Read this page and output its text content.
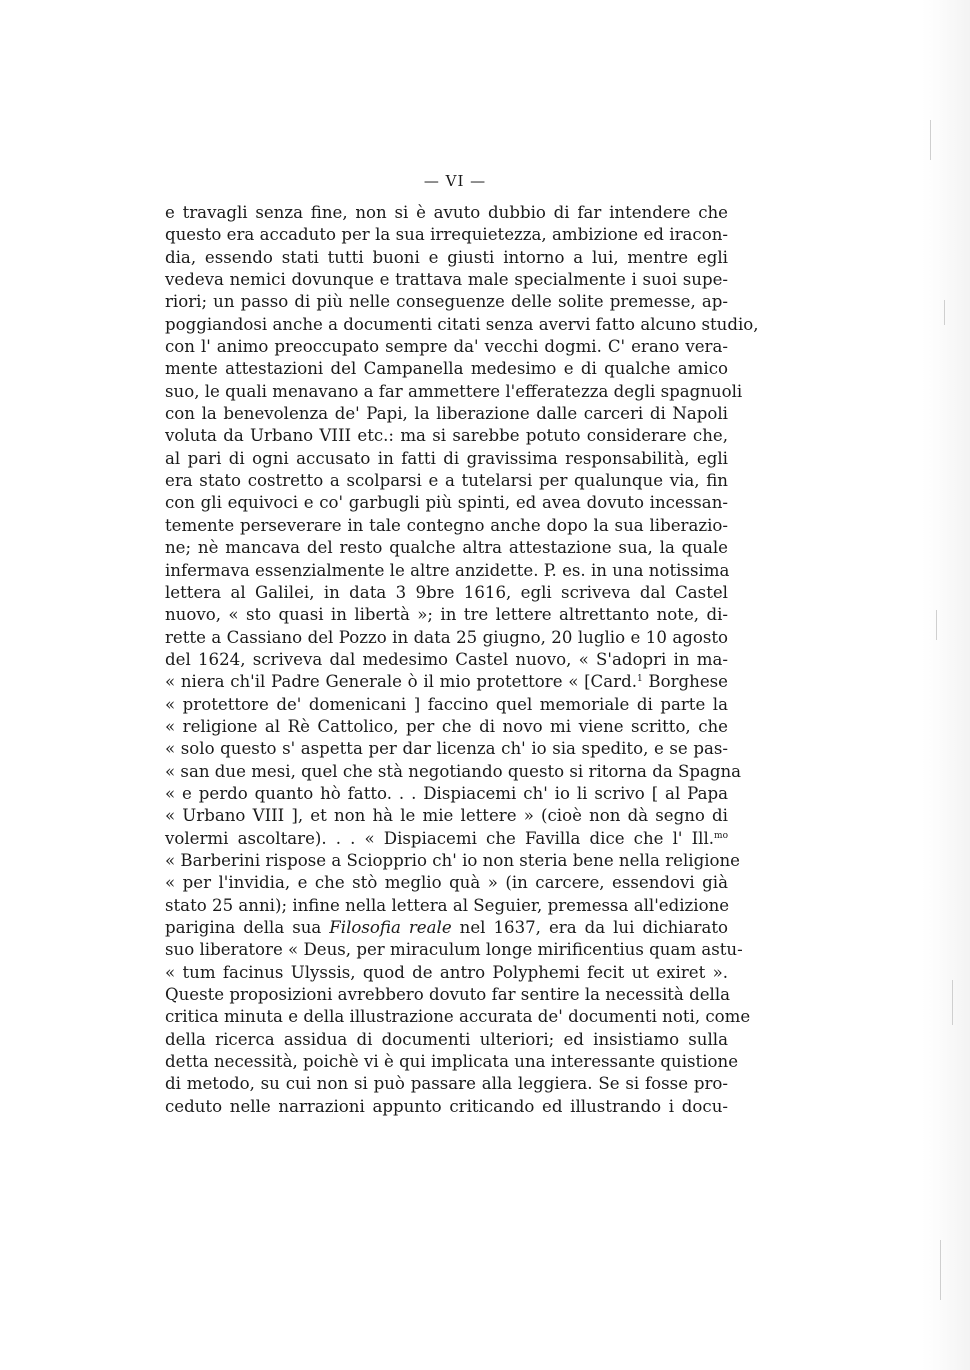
— VI —
e travagli senza fine, non si è avuto dubbio di far intendere che
questo era accaduto per la sua irrequietezza, ambizione ed iracon-
dia, essendo stati tutti buoni e giusti intorno a lui, mentre egli
vedeva nemici dovunque e trattava male specialmente i suoi supe-
riori; un passo di più nelle conseguenze delle solite premesse, ap-
poggiandosi anche a documenti citati senza avervi fatto alcuno studio,
con l' animo preoccupato sempre da' vecchi dogmi. C' erano vera-
mente attestazioni del Campanella medesimo e di qualche amico
suo, le quali menavano a far ammettere l'efferatezza degli spagnuoli
con la benevolenza de' Papi, la liberazione dalle carceri di Napoli
voluta da Urbano VIII etc.: ma si sarebbe potuto considerare che,
al pari di ogni accusato in fatti di gravissima responsabilità, egli
era stato costretto a scolparsi e a tutelarsi per qualunque via, fin
con gli equivoci e co' garbugli più spinti, ed avea dovuto incessan-
temente perseverare in tale contegno anche dopo la sua liberazio-
ne; nè mancava del resto qualche altra attestazione sua, la quale
infermava essenzialmente le altre anzidette. P. es. in una notissima
lettera al Galilei, in data 3 9bre 1616, egli scriveva dal Castel
nuovo, « sto quasi in libertà »; in tre lettere altrettanto note, di-
rette a Cassiano del Pozzo in data 25 giugno, 20 luglio e 10 agosto
del 1624, scriveva dal medesimo Castel nuovo, « S'adopri in ma-
« niera ch'il Padre Generale ò il mio protettore « [Card.$^1$ Borghese
« protettore de' domenicani ] faccino quel memoriale di parte la
« religione al Rè Cattolico, per che di novo mi viene scritto, che
« solo questo s' aspetta per dar licenza ch' io sia spedito, e se pas-
« san due mesi, quel che stà negotiando questo si ritorna da Spagna
« e perdo quanto hò fatto. . . Dispiacemi ch' io li scrivo [ al Papa
« Urbano VIII ], et non hà le mie lettere » (cioè non dà segno di
volermi ascoltare). . . « Dispiacemi che Favilla dice che l' Ill.$^{mo}$
« Barberini rispose a Sciopprio ch' io non steria bene nella religione
« per l'invidia, e che stò meglio quà » (in carcere, essendovi già
stato 25 anni); infine nella lettera al Seguier, premessa all'edizione
parigina della sua Filosofia reale nel 1637, era da lui dichiarato
suo liberatore « Deus, per miraculum longe mirificentius quam astu-
« tum facinus Ulyssis, quod de antro Polyphemi fecit ut exiret ».
Queste proposizioni avrebbero dovuto far sentire la necessità della
critica minuta e della illustrazione accurata de' documenti noti, come
della ricerca assidua di documenti ulteriori; ed insistiamo sulla
detta necessità, poichè vi è qui implicata una interessante quistione
di metodo, su cui non si può passare alla leggiera. Se si fosse pro-
ceduto nelle narrazioni appunto criticando ed illustrando i docu-
